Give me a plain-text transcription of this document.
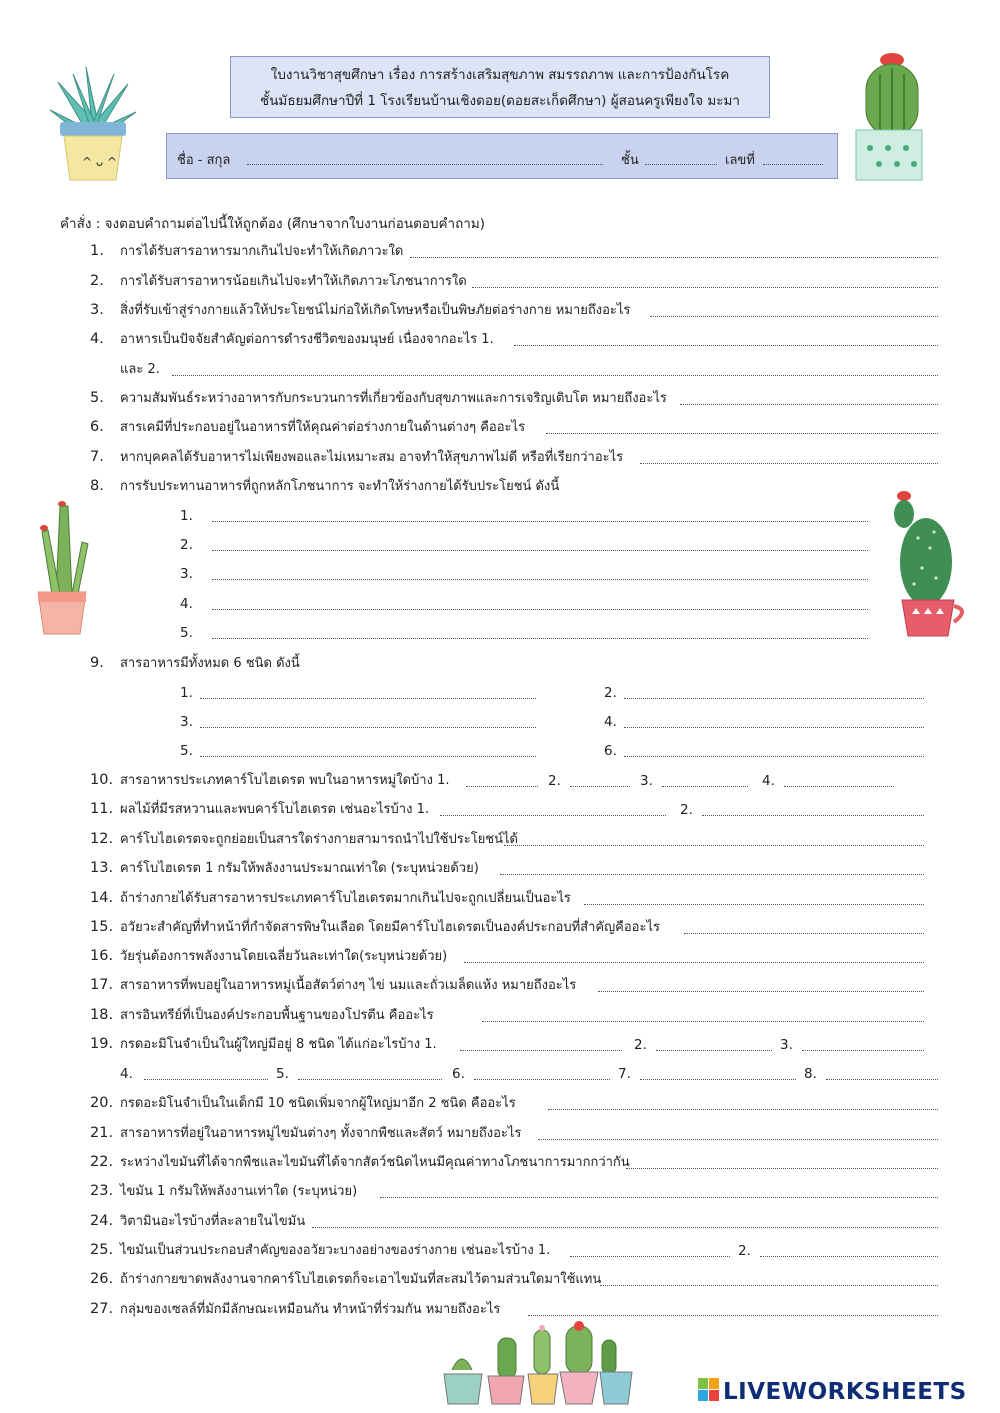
^ ᴗ ^
ใบงานวิชาสุขศึกษา เรื่อง การสร้างเสริมสุขภาพ สมรรถภาพ และการป้องกันโรค
ชั้นมัธยมศึกษาปีที่ 1 โรงเรียนบ้านเชิงดอย(ดอยสะเก็ดศึกษา) ผู้สอนครูเพียงใจ มะมา
ชื่อ - สกุล	ชั้น	เลขที่
คำสั่ง : จงตอบคำถามต่อไปนี้ให้ถูกต้อง (ศึกษาจากใบงานก่อนตอบคำถาม)
1. การได้รับสารอาหารมากเกินไปจะทำให้เกิดภาวะใด
2. การได้รับสารอาหารน้อยเกินไปจะทำให้เกิดภาวะโภชนาการใด
3. สิ่งที่รับเข้าสู่ร่างกายแล้วให้ประโยชน์ไม่ก่อให้เกิดโทษหรือเป็นพิษภัยต่อร่างกาย หมายถึงอะไร
4. อาหารเป็นปัจจัยสำคัญต่อการดำรงชีวิตของมนุษย์ เนื่องจากอะไร 1.
และ 2.
5. ความสัมพันธ์ระหว่างอาหารกับกระบวนการที่เกี่ยวข้องกับสุขภาพและการเจริญเติบโต หมายถึงอะไร
6. สารเคมีที่ประกอบอยู่ในอาหารที่ให้คุณค่าต่อร่างกายในด้านต่างๆ คืออะไร
7. หากบุคคลได้รับอาหารไม่เพียงพอและไม่เหมาะสม อาจทำให้สุขภาพไม่ดี หรือที่เรียกว่าอะไร
8. การรับประทานอาหารที่ถูกหลักโภชนาการ จะทำให้ร่างกายได้รับประโยชน์ ดังนี้
1.
2.
3.
4.
5.
9. สารอาหารมีทั้งหมด 6 ชนิด ดังนี้
1.	2.
3.	4.
5.	6.
10. สารอาหารประเภทคาร์โบไฮเดรต พบในอาหารหมู่ใดบ้าง 1.	2.	3.	4.
11. ผลไม้ที่มีรสหวานและพบคาร์โบไฮเดรต เช่นอะไรบ้าง 1.	2.
12. คาร์โบไฮเดรตจะถูกย่อยเป็นสารใดร่างกายสามารถนำไปใช้ประโยชน์ได้
13. คาร์โบไฮเดรต 1 กรัมให้พลังงานประมาณเท่าใด (ระบุหน่วยด้วย)
14. ถ้าร่างกายได้รับสารอาหารประเภทคาร์โบไฮเดรตมากเกินไปจะถูกเปลี่ยนเป็นอะไร
15. อวัยวะสำคัญที่ทำหน้าที่กำจัดสารพิษในเลือด โดยมีคาร์โบไฮเดรตเป็นองค์ประกอบที่สำคัญคืออะไร
16. วัยรุ่นต้องการพลังงานโดยเฉลี่ยวันละเท่าใด(ระบุหน่วยด้วย)
17. สารอาหารที่พบอยู่ในอาหารหมู่เนื้อสัตว์ต่างๆ ไข่ นมและถั่วเมล็ดแห้ง หมายถึงอะไร
18. สารอินทรีย์ที่เป็นองค์ประกอบพื้นฐานของโปรตีน คืออะไร
19. กรดอะมิโนจำเป็นในผู้ใหญ่มีอยู่ 8 ชนิด ได้แก่อะไรบ้าง 1.	2.	3.
4.	5.	6.	7.	8.
20. กรดอะมิโนจำเป็นในเด็กมี 10 ชนิดเพิ่มจากผู้ใหญ่มาอีก 2 ชนิด คืออะไร
21. สารอาหารที่อยู่ในอาหารหมู่ไขมันต่างๆ ทั้งจากพืชและสัตว์ หมายถึงอะไร
22. ระหว่างไขมันที่ได้จากพืชและไขมันที่ได้จากสัตว์ชนิดไหนมีคุณค่าทางโภชนาการมากกว่ากัน
23. ไขมัน 1 กรัมให้พลังงานเท่าใด (ระบุหน่วย)
24. วิตามินอะไรบ้างที่ละลายในไขมัน
25. ไขมันเป็นส่วนประกอบสำคัญของอวัยวะบางอย่างของร่างกาย เช่นอะไรบ้าง 1.	2.
26. ถ้าร่างกายขาดพลังงานจากคาร์โบไฮเดรตก็จะเอาไขมันที่สะสมไว้ตามส่วนใดมาใช้แทน
27. กลุ่มของเซลล์ที่มักมีลักษณะเหมือนกัน ทำหน้าที่ร่วมกัน หมายถึงอะไร
LIVEWORKSHEETS
